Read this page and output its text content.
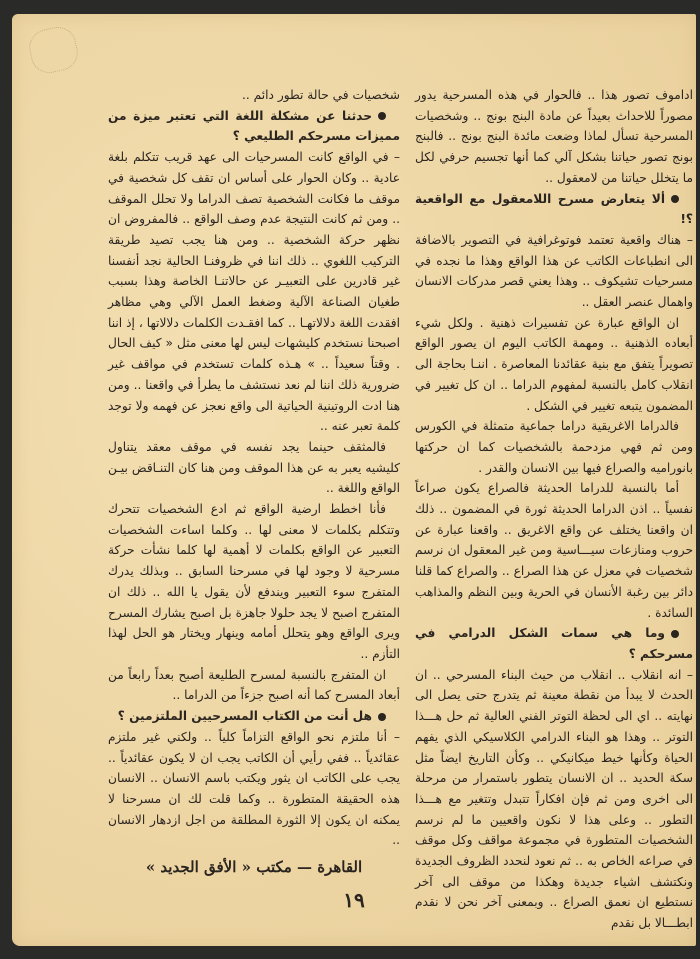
اداموف تصور هذا .. فالحوار في هذه المسرحية يدور مصوراً للاحداث بعيداً عن مادة البنج بونج .. وشخصيات المسرحية تسأل لماذا وضعت مائدة البنج بونج .. فالبنج بونج تصور حياتنا بشكل آلي كما أنها تجسيم حرفي لكل ما يتخلل حياتنا من لامعقول ..

ألا يتعارض مسرح اللامعقول مع الواقعية ؟!

– هناك واقعية تعتمد فوتوغرافية في التصوير بالاضافة الى انطباعات الكاتب عن هذا الواقع وهذا ما نجده في مسرحيات تشيكوف .. وهذا يعني قصر مدركات الانسان واهمال عنصر العقل ..

ان الواقع عبارة عن تفسيرات ذهنية . ولكل شيء أبعاده الذهنية .. ومهمة الكاتب اليوم ان يصور الواقع تصويراً يتفق مع بنية عقائدنا المعاصرة . اننـا بحاجة الى انقلاب كامل بالنسبة لمفهوم الدراما .. ان كل تغيير في المضمون يتبعه تغيير في الشكل .

فالدراما الاغريقية دراما جماعية متمثلة في الكورس ومن ثم فهي مزدحمة بالشخصيات كما ان حركتها بانوراميه والصراع فيها بين الانسان والقدر .

أما بالنسبة للدراما الحديثة فالصراع يكون صراعاً نفسياً .. اذن الدراما الحديثة ثورة في المضمون .. ذلك ان واقعنا يختلف عن واقع الاغريق .. واقعنا عبارة عن حروب ومنازعات سيـــاسية ومن غير المعقول ان نرسم شخصيات في معزل عن هذا الصراع .. والصراع كما قلنا دائر بين رغبة الأنسان في الحرية وبين النظم والمذاهب السائدة .

وما هي سمات الشكل الدرامي في مسرحكم ؟

– انه انقلاب .. انقلاب من حيث البناء المسرحي .. ان الحدث لا يبدأ من نقطة معينة ثم يتدرج حتى يصل الى نهايته .. اي الى لحظة التوتر الفني العالية ثم حل هـــذا التوتر .. وهذا هو البناء الدرامي الكلاسيكي الذي يفهم الحياة وكأنها خيط ميكانيكي .. وكأن التاريخ ايضاً مثل سكة الحديد .. ان الانسان يتطور باستمرار من مرحلة الى اخرى ومن ثم فإن افكاراً تتبدل وتتغير مع هـــذا التطور .. وعلى هذا لا نكون واقعيين ما لم نرسم الشخصيات المتطورة في مجموعة مواقف وكل موقف في صراعه الخاص به .. ثم نعود لنحدد الظروف الجديدة ونكتشف اشياء جديدة وهكذا من موقف الى آخر نستطيع ان نعمق الصراع .. وبمعنى آخر نحن لا نقدم ابطـــالا بل نقدم

شخصيات في حالة تطور دائم ..

حدثنا عن مشكلة اللغة التي تعتبر ميزة من مميزات مسرحكم الطليعي ؟

– في الواقع كانت المسرحيات الى عهد قريب تتكلم بلغة عادية .. وكان الحوار على أساس ان تقف كل شخصية في موقف ما فكانت الشخصية تصف الدراما ولا تحلل الموقف .. ومن ثم كانت النتيجة عدم وصف الواقع .. فالمفروض ان نظهر حركة الشخصية .. ومن هنا يجب تصيد طريقة التركيب اللغوي .. ذلك اننا في ظروفنـا الحالية نجد أنفسنا غير قادرين على التعبيـر عن حالاتنـا الخاصة وهذا بسبب طغيان الصناعة الآلية وضغط العمل الآلي وهي مظاهر افقدت اللغة دلالاتهـا .. كما افقـدت الكلمات دلالاتها ، إذ اننا اصبحنا نستخدم كليشهات ليس لها معنى مثل « كيف الحال . وقتاً سعيداً .. » هـذه كلمات تستخدم في مواقف غير ضرورية ذلك اننا لم نعد نستشف ما يطرأ في واقعنا .. ومن هنا ادت الروتينية الحياتية الى واقع نعجز عن فهمه ولا توجد كلمة تعبر عنه ..

فالمثقف حينما يجد نفسه في موقف معقد يتناول كليشيه يعبر به عن هذا الموقف ومن هنا كان التنـاقض بيـن الواقع واللغة ..

فأنا اخطط ارضية الواقع ثم ادع الشخصيات تتحرك وتتكلم بكلمات لا معنى لها .. وكلما اساءت الشخصيات التعبير عن الواقع بكلمات لا أهمية لها كلما نشأت حركة مسرحية لا وجود لها في مسرحنا السابق .. وبذلك يدرك المتفرج سوء التعبير ويندفع لأن يقول يا الله .. ذلك ان المتفرج اصبح لا يجد حلولا جاهزة بل اصبح يشارك المسرح ويرى الواقع وهو يتحلل أمامه وينهار ويختار هو الحل لهذا التأزم ..

ان المتفرج بالنسبة لمسرح الطليعة أصبح بعداً رابعاً من أبعاد المسرح كما أنه اصبح جزءاً من الدراما ..

هل أنت من الكتاب المسرحيين الملتزمين ؟

– أنا ملتزم نحو الواقع التزاماً كلياً .. ولكني غير ملتزم عقائدياً .. ففي رأيي أن الكاتب يجب ان لا يكون عقائدياً .. يجب على الكاتب ان يثور ويكتب باسم الانسان .. الانسان هذه الحقيقة المتطورة .. وكما قلت لك ان مسرحنا لا يمكنه ان يكون إلا الثورة المطلقة من اجل ازدهار الانسان ..

القاهرة — مكتب « الأفق الجديد »

١٩
